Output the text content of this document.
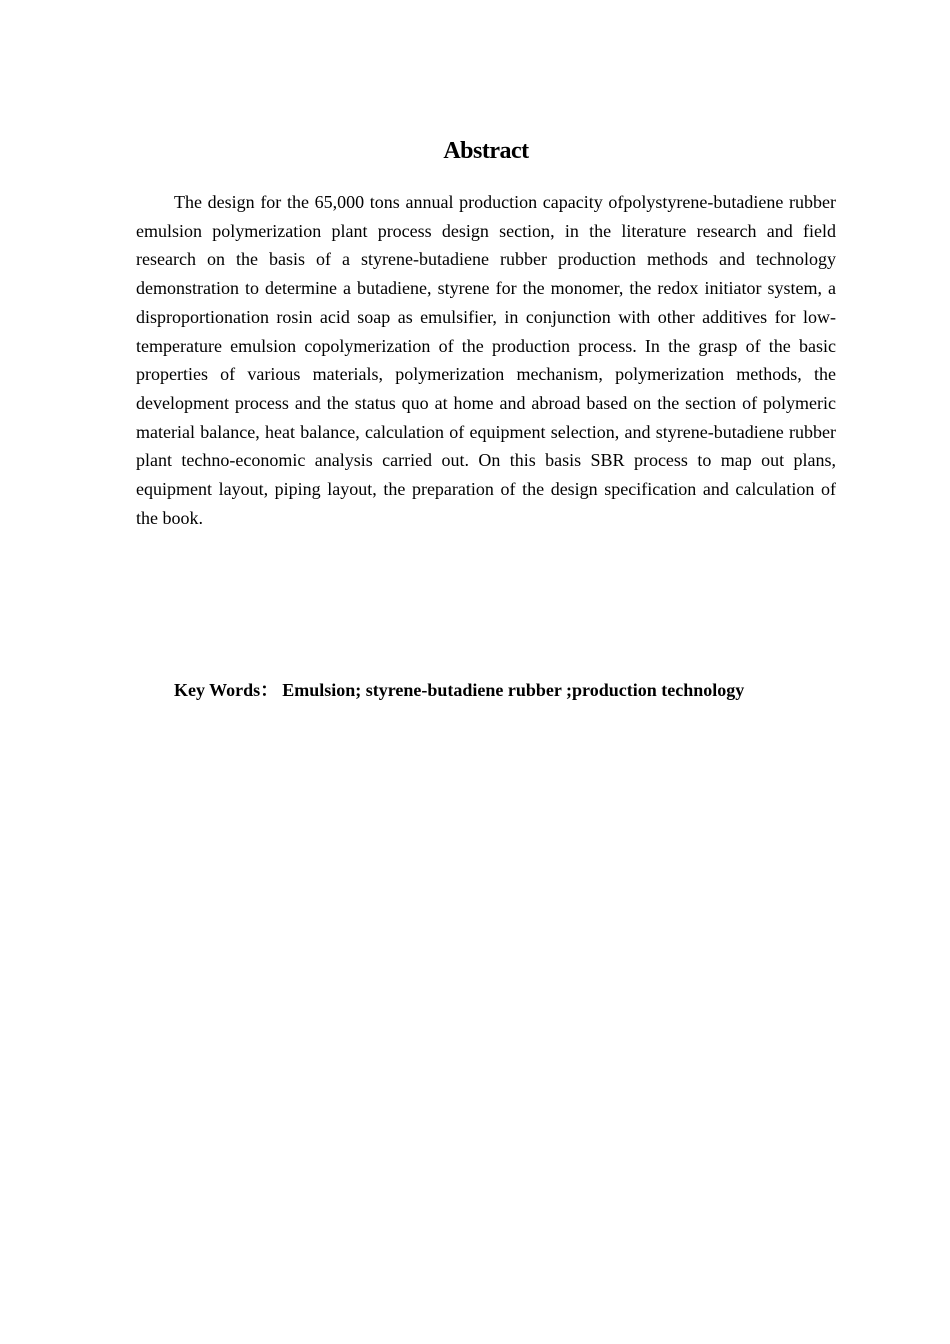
Abstract

The design for the 65,000 tons annual production capacity ofpolystyrene-butadiene rubber emulsion polymerization plant process design section, in the literature research and field research on the basis of a styrene-butadiene rubber production methods and technology demonstration to determine a butadiene, styrene for the monomer, the redox initiator system, a disproportionation rosin acid soap as emulsifier, in conjunction with other additives for low-temperature emulsion copolymerization of the production process. In the grasp of the basic properties of various materials, polymerization mechanism, polymerization methods, the development process and the status quo at home and abroad based on the section of polymeric material balance, heat balance, calculation of equipment selection, and styrene-butadiene rubber plant techno-economic analysis carried out. On this basis SBR process to map out plans, equipment layout, piping layout, the preparation of the design specification and calculation of the book.

Key Words： Emulsion; styrene-butadiene rubber ;production technology
